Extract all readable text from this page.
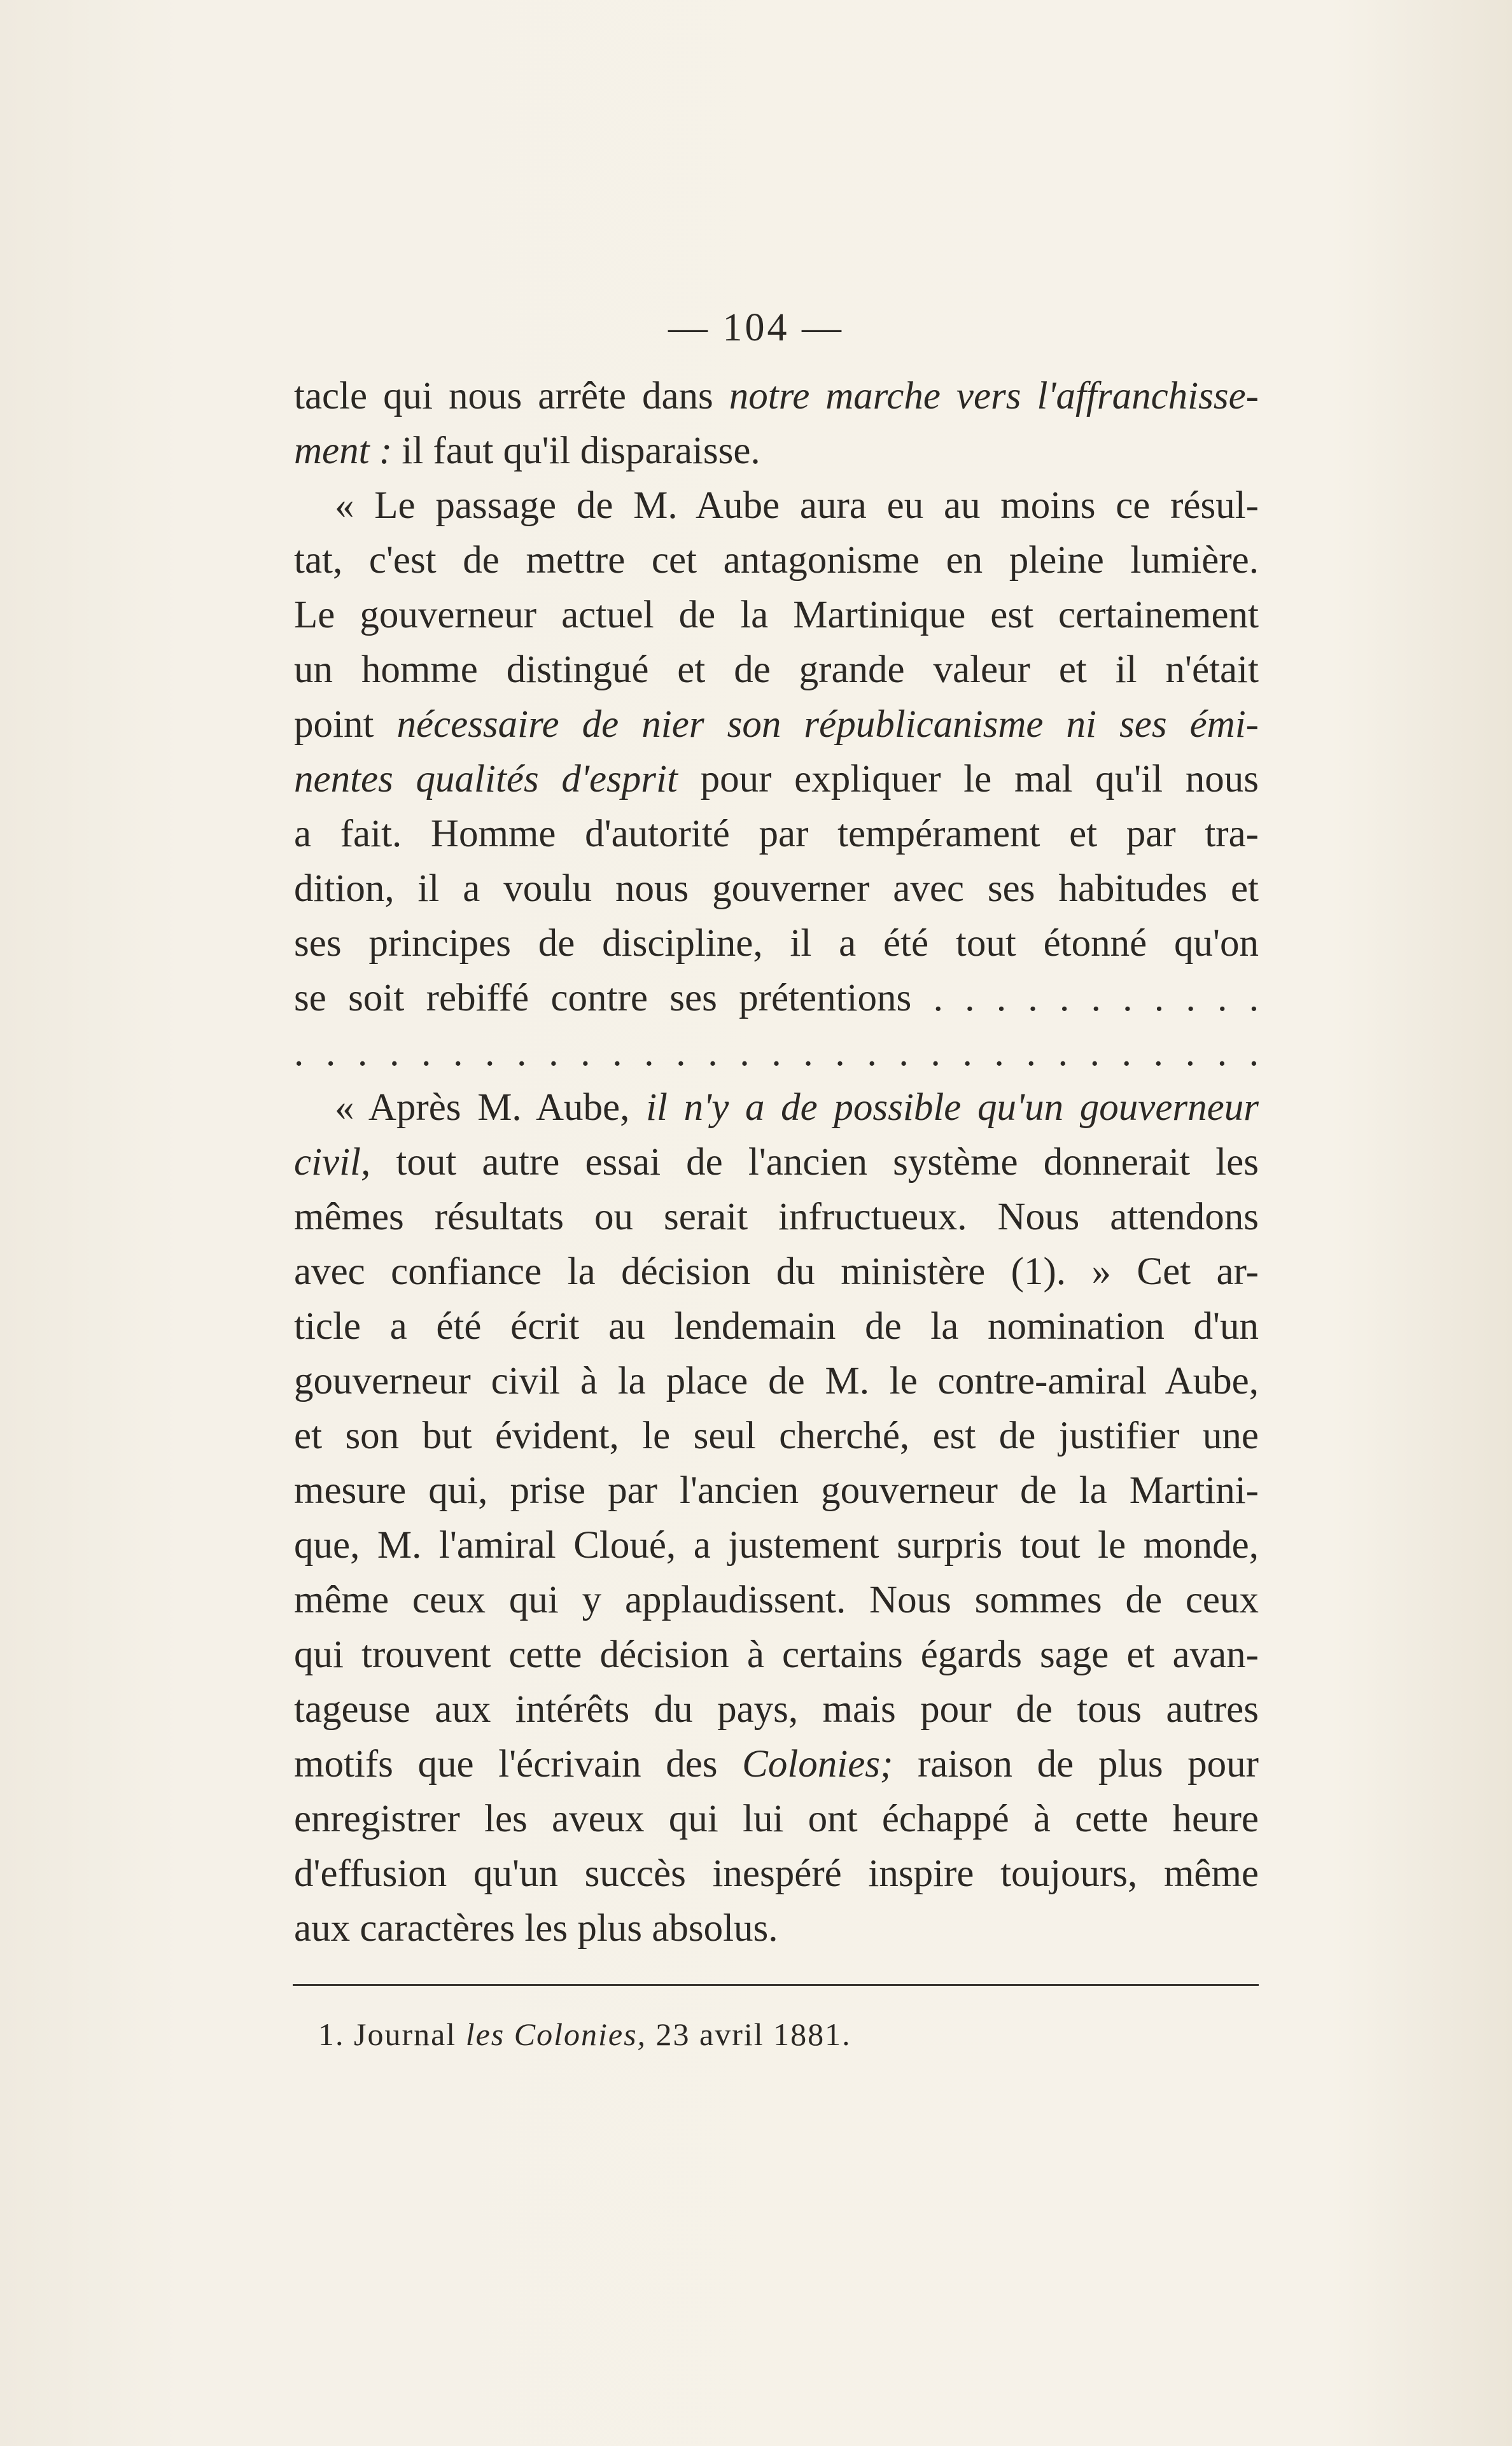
— 104 —
tacle qui nous arrête dans notre marche vers l'affranchisse-
ment : il faut qu'il disparaisse.
« Le passage de M. Aube aura eu au moins ce résul-
tat, c'est de mettre cet antagonisme en pleine lumière.
Le gouverneur actuel de la Martinique est certainement
un homme distingué et de grande valeur et il n'était
point nécessaire de nier son républicanisme ni ses émi-
nentes qualités d'esprit pour expliquer le mal qu'il nous
a fait. Homme d'autorité par tempérament et par tra-
dition, il a voulu nous gouverner avec ses habitudes et
ses principes de discipline, il a été tout étonné qu'on
se soit rebiffé contre ses prétentions . . . . . . . . . . .
. . . . . . . . . . . . . . . . . . . . . . . . . . . . . . .
« Après M. Aube, il n'y a de possible qu'un gouverneur
civil, tout autre essai de l'ancien système donnerait les
mêmes résultats ou serait infructueux. Nous attendons
avec confiance la décision du ministère (1). » Cet ar-
ticle a été écrit au lendemain de la nomination d'un
gouverneur civil à la place de M. le contre-amiral Aube,
et son but évident, le seul cherché, est de justifier une
mesure qui, prise par l'ancien gouverneur de la Martini-
que, M. l'amiral Cloué, a justement surpris tout le monde,
même ceux qui y applaudissent. Nous sommes de ceux
qui trouvent cette décision à certains égards sage et avan-
tageuse aux intérêts du pays, mais pour de tous autres
motifs que l'écrivain des Colonies; raison de plus pour
enregistrer les aveux qui lui ont échappé à cette heure
d'effusion qu'un succès inespéré inspire toujours, même
aux caractères les plus absolus.
1. Journal les Colonies, 23 avril 1881.
